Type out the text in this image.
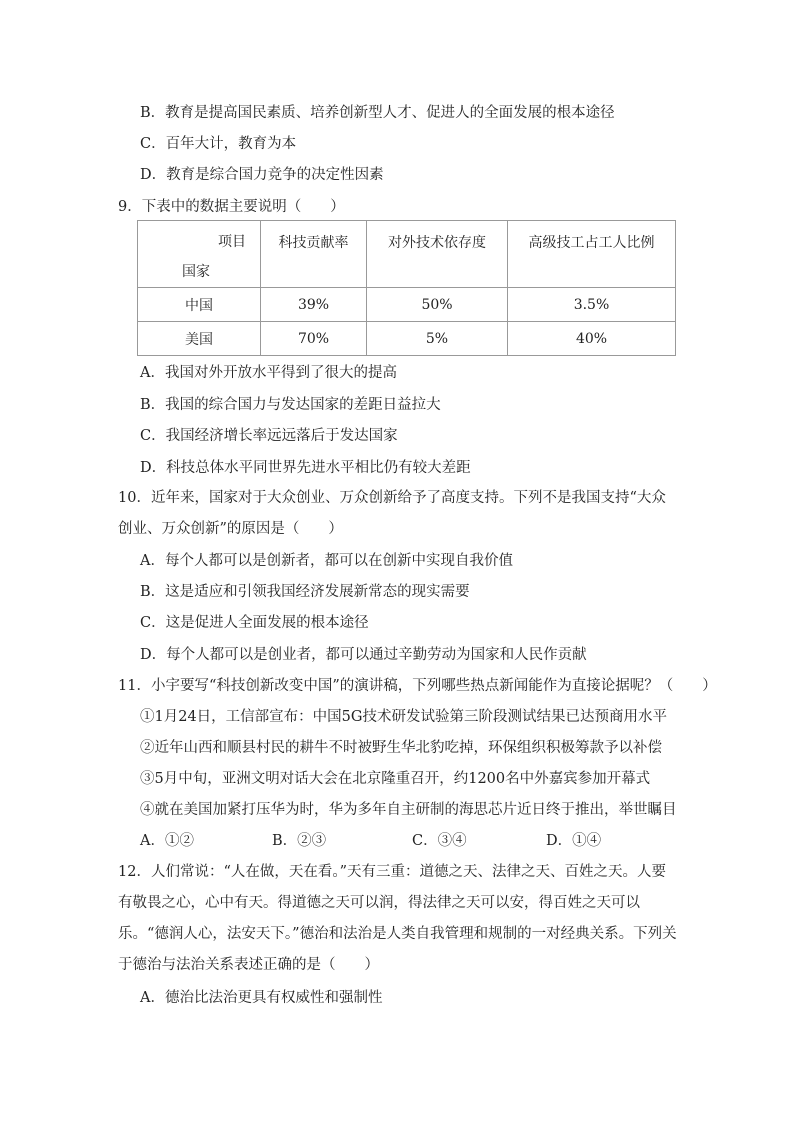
B．教育是提高国民素质、培养创新型人才、促进人的全面发展的根本途径
C．百年大计，教育为本
D．教育是综合国力竞争的决定性因素
9．下表中的数据主要说明（　　）
项目
国家	科技贡献率	对外技术依存度	高级技工占工人比例

中国	39%	50%	3.5%
美国	70%	5%	40%
A．我国对外开放水平得到了很大的提高
B．我国的综合国力与发达国家的差距日益拉大
C．我国经济增长率远远落后于发达国家
D．科技总体水平同世界先进水平相比仍有较大差距
10．近年来，国家对于大众创业、万众创新给予了高度支持。下列不是我国支持“大众创业、万众创新”的原因是（　　）
A．每个人都可以是创新者，都可以在创新中实现自我价值
B．这是适应和引领我国经济发展新常态的现实需要
C．这是促进人全面发展的根本途径
D．每个人都可以是创业者，都可以通过辛勤劳动为国家和人民作贡献
11．小宇要写“科技创新改变中国”的演讲稿，下列哪些热点新闻能作为直接论据呢？（　　）
①1月24日，工信部宣布：中国5G技术研发试验第三阶段测试结果已达预商用水平
②近年山西和顺县村民的耕牛不时被野生华北豹吃掉，环保组织积极筹款予以补偿
③5月中旬，亚洲文明对话大会在北京隆重召开，约1200名中外嘉宾参加开幕式
④就在美国加紧打压华为时，华为多年自主研制的海思芯片近日终于推出，举世瞩目
A．①②	B．②③	C．③④	D．①④
12．人们常说：“人在做，天在看。”天有三重：道德之天、法律之天、百姓之天。人要有敬畏之心，心中有天。得道德之天可以润，得法律之天可以安，得百姓之天可以乐。“德润人心，法安天下。”德治和法治是人类自我管理和规制的一对经典关系。下列关于德治与法治关系表述正确的是（　　）
A．德治比法治更具有权威性和强制性
